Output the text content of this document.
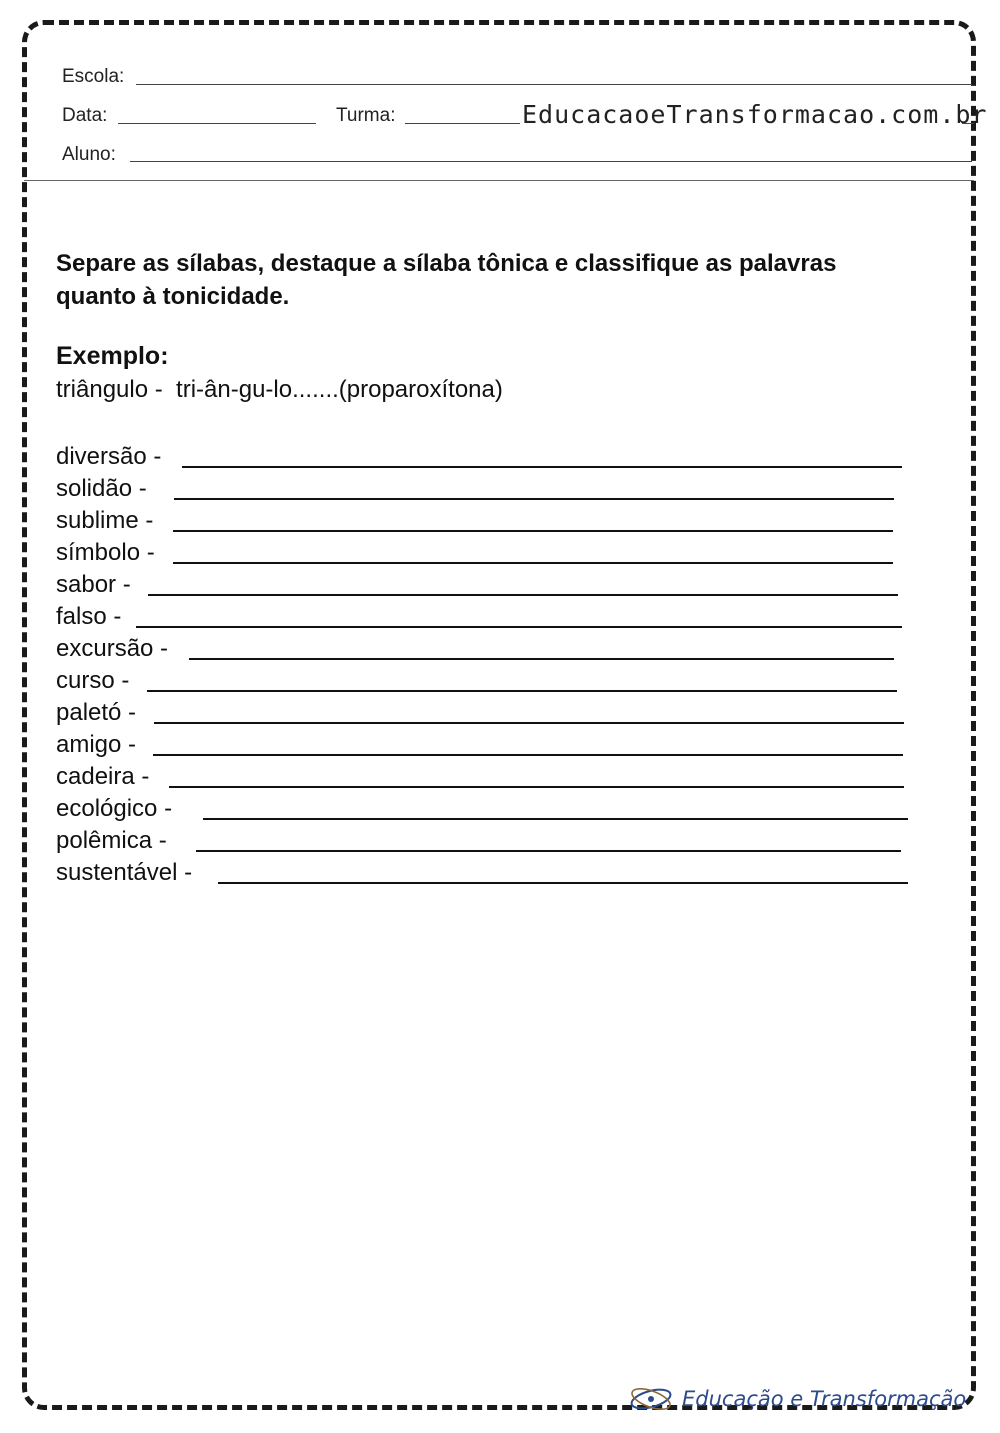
Escola:
Data:	Turma:	EducacaoeTransformacao.com.br
Aluno:
Separe as sílabas, destaque a sílaba tônica e classifique as palavras quanto à tonicidade.
Exemplo:
triângulo -  tri-ân-gu-lo.......(proparoxítona)
diversão -
solidão -
sublime -
símbolo -
sabor -
falso -
excursão -
curso -
paletó -
amigo -
cadeira -
ecológico -
polêmica -
sustentável -
Educação e Transformação
